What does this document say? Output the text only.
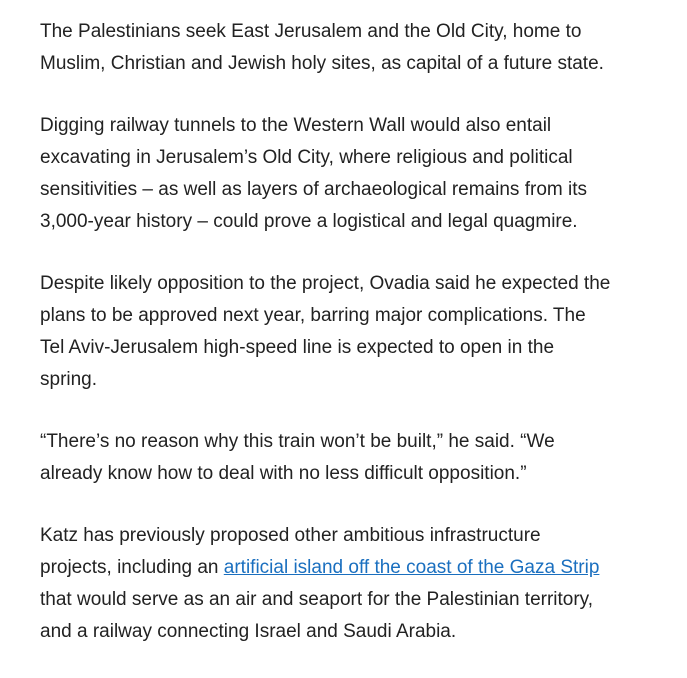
The Palestinians seek East Jerusalem and the Old City, home to
Muslim, Christian and Jewish holy sites, as capital of a future state.

Digging railway tunnels to the Western Wall would also entail
excavating in Jerusalem’s Old City, where religious and political
sensitivities – as well as layers of archaeological remains from its
3,000-year history – could prove a logistical and legal quagmire.

Despite likely opposition to the project, Ovadia said he expected the
plans to be approved next year, barring major complications. The
Tel Aviv-Jerusalem high-speed line is expected to open in the
spring.

“There’s no reason why this train won’t be built,” he said. “We
already know how to deal with no less difficult opposition.”

Katz has previously proposed other ambitious infrastructure
projects, including an artificial island off the coast of the Gaza Strip
that would serve as an air and seaport for the Palestinian territory,
and a railway connecting Israel and Saudi Arabia.
